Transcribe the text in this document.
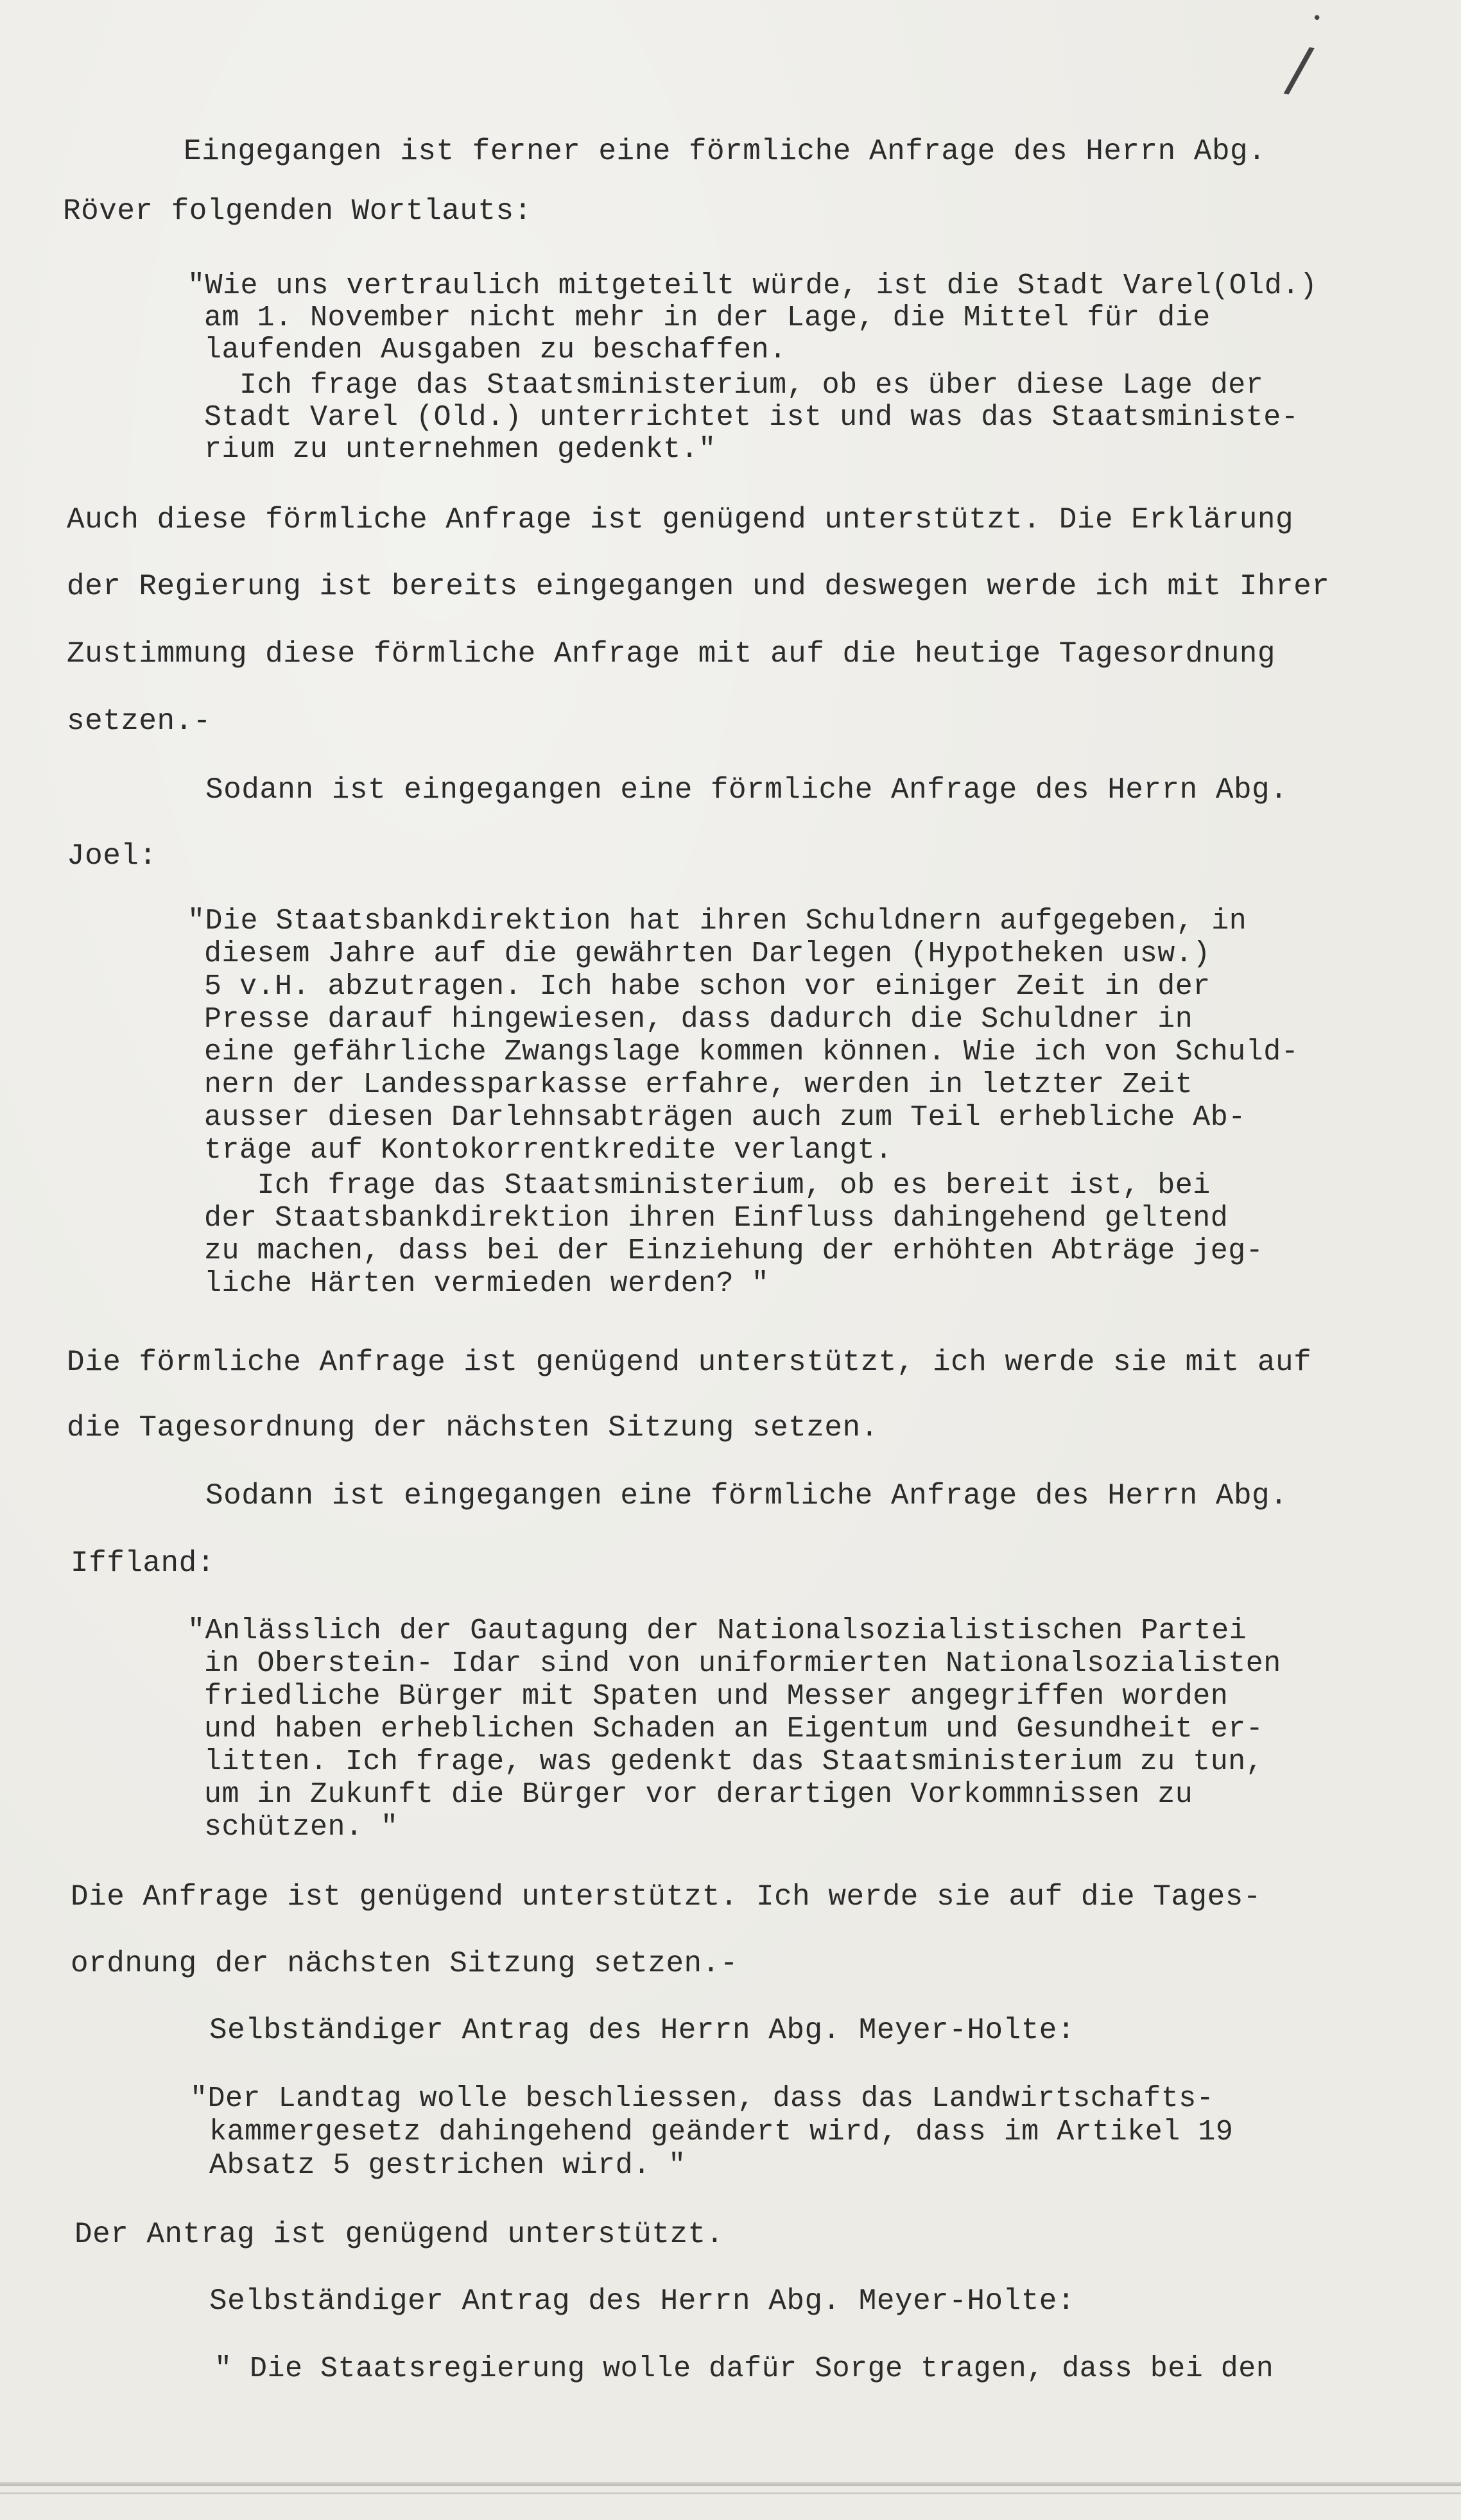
/
•

Eingegangen ist ferner eine förmliche Anfrage des Herrn Abg.

Röver folgenden Wortlauts:

"Wie uns vertraulich mitgeteilt würde, ist die Stadt Varel(Old.)

am 1. November nicht mehr in der Lage, die Mittel für die

laufenden Ausgaben zu beschaffen.

Ich frage das Staatsministerium, ob es über diese Lage der

Stadt Varel (Old.) unterrichtet ist und was das Staatsministe-

rium zu unternehmen gedenkt."

Auch diese förmliche Anfrage ist genügend unterstützt. Die Erklärung

der Regierung ist bereits eingegangen und deswegen werde ich mit Ihrer

Zustimmung diese förmliche Anfrage mit auf die heutige Tagesordnung

setzen.-

Sodann ist eingegangen eine förmliche Anfrage des Herrn Abg.

Joel:

"Die Staatsbankdirektion hat ihren Schuldnern aufgegeben, in

diesem Jahre auf die gewährten Darlegen (Hypotheken usw.)

5 v.H. abzutragen. Ich habe schon vor einiger Zeit in der

Presse darauf hingewiesen, dass dadurch die Schuldner in

eine gefährliche Zwangslage kommen können. Wie ich von Schuld-

nern der Landessparkasse erfahre, werden in letzter Zeit

ausser diesen Darlehnsabträgen auch zum Teil erhebliche Ab-

träge auf Kontokorrentkredite verlangt.

Ich frage das Staatsministerium, ob es bereit ist, bei

der Staatsbankdirektion ihren Einfluss dahingehend geltend

zu machen, dass bei der Einziehung der erhöhten Abträge jeg-

liche Härten vermieden werden? "

Die förmliche Anfrage ist genügend unterstützt, ich werde sie mit auf

die Tagesordnung der nächsten Sitzung setzen.

Sodann ist eingegangen eine förmliche Anfrage des Herrn Abg.

Iffland:

"Anlässlich der Gautagung der Nationalsozialistischen Partei

in Oberstein- Idar sind von uniformierten Nationalsozialisten

friedliche Bürger mit Spaten und Messer angegriffen worden

und haben erheblichen Schaden an Eigentum und Gesundheit er-

litten. Ich frage, was gedenkt das Staatsministerium zu tun,

um in Zukunft die Bürger vor derartigen Vorkommnissen zu

schützen. "

Die Anfrage ist genügend unterstützt. Ich werde sie auf die Tages-

ordnung der nächsten Sitzung setzen.-

Selbständiger Antrag des Herrn Abg. Meyer-Holte:

"Der Landtag wolle beschliessen, dass das Landwirtschafts-

kammergesetz dahingehend geändert wird, dass im Artikel 19

Absatz 5 gestrichen wird. "

Der Antrag ist genügend unterstützt.

Selbständiger Antrag des Herrn Abg. Meyer-Holte:

" Die Staatsregierung wolle dafür Sorge tragen, dass bei den
